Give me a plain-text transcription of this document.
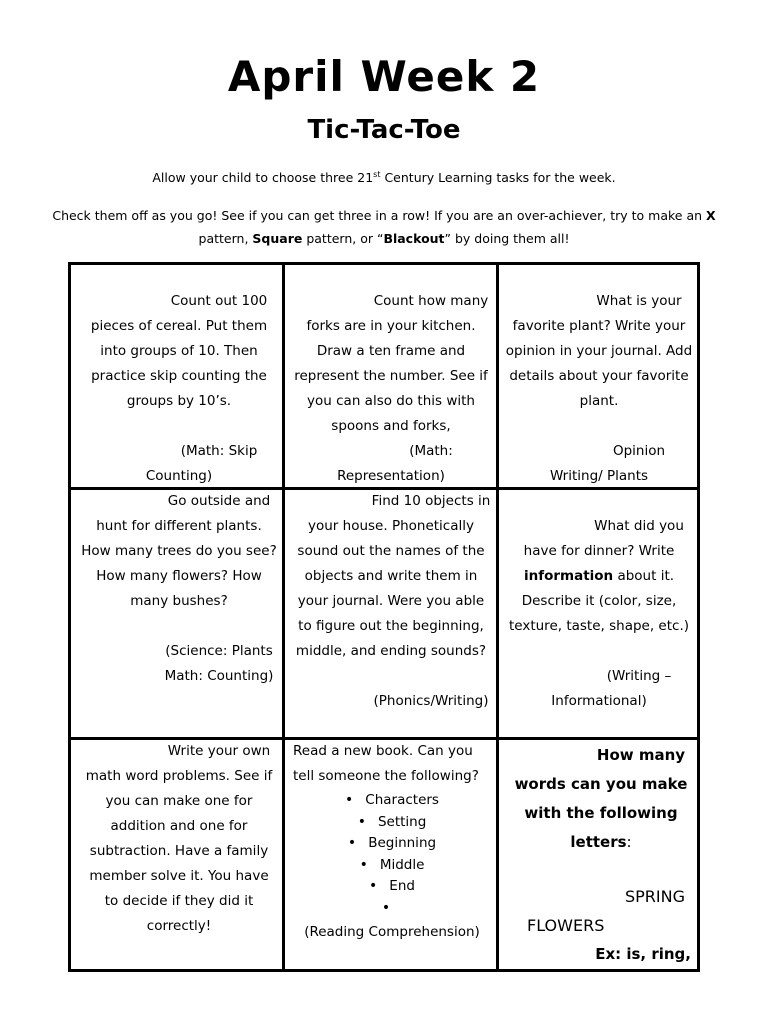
April Week 2
Tic-Tac-Toe

Allow your child to choose three 21st Century Learning tasks for the week.

Check them off as you go! See if you can get three in a row! If you are an over-achiever, try to make an X pattern, Square pattern, or “Blackout” by doing them all!

Count out 100 pieces of cereal. Put them into groups of 10. Then practice skip counting the groups by 10’s.

(Math: Skip Counting)

Count how many forks are in your kitchen. Draw a ten frame and represent the number. See if you can also do this with spoons and forks,

(Math: Representation)

What is your favorite plant? Write your opinion in your journal. Add details about your favorite plant.

Opinion Writing/ Plants

Go outside and hunt for different plants. How many trees do you see? How many flowers? How many bushes?

(Science: Plants

Math: Counting)

Find 10 objects in your house. Phonetically sound out the names of the objects and write them in your journal. Were you able to figure out the beginning, middle, and ending sounds?

(Phonics/Writing)

What did you have for dinner? Write information about it. Describe it (color, size, texture, taste, shape, etc.)

(Writing – Informational)

Write your own math word problems. See if you can make one for addition and one for subtraction. Have a family member solve it. You have to decide if they did it correctly!

Read a new book. Can you tell someone the following?

• Characters
• Setting
• Beginning
• Middle
• End
•

(Reading Comprehension)

How many words can you make with the following letters:

SPRING

FLOWERS

Ex: is, ring,
